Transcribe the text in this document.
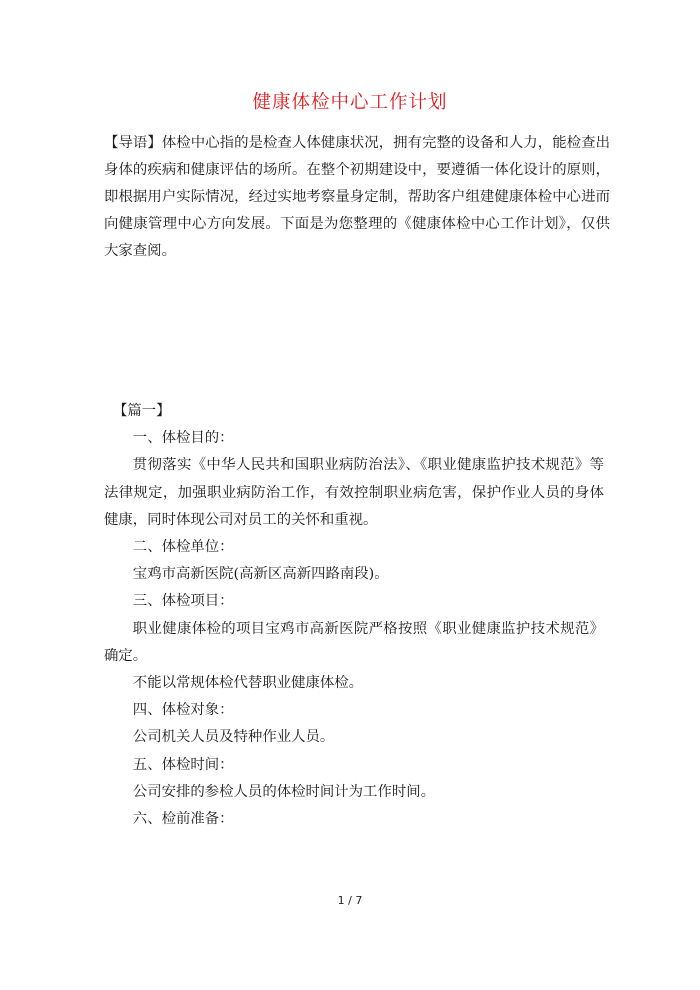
健康体检中心工作计划

【导语】体检中心指的是检查人体健康状况，拥有完整的设备和人力，能检查出身体的疾病和健康评估的场所。在整个初期建设中，要遵循一体化设计的原则，即根据用户实际情况，经过实地考察量身定制，帮助客户组建健康体检中心进而向健康管理中心方向发展。下面是为您整理的《健康体检中心工作计划》，仅供大家查阅。

【篇一】

一、体检目的：

贯彻落实《中华人民共和国职业病防治法》、《职业健康监护技术规范》等法律规定，加强职业病防治工作，有效控制职业病危害，保护作业人员的身体健康，同时体现公司对员工的关怀和重视。

二、体检单位：

宝鸡市高新医院(高新区高新四路南段)。

三、体检项目：

职业健康体检的项目宝鸡市高新医院严格按照《职业健康监护技术规范》确定。

不能以常规体检代替职业健康体检。

四、体检对象：

公司机关人员及特种作业人员。

五、体检时间：

公司安排的参检人员的体检时间计为工作时间。

六、检前准备：

1 / 7
